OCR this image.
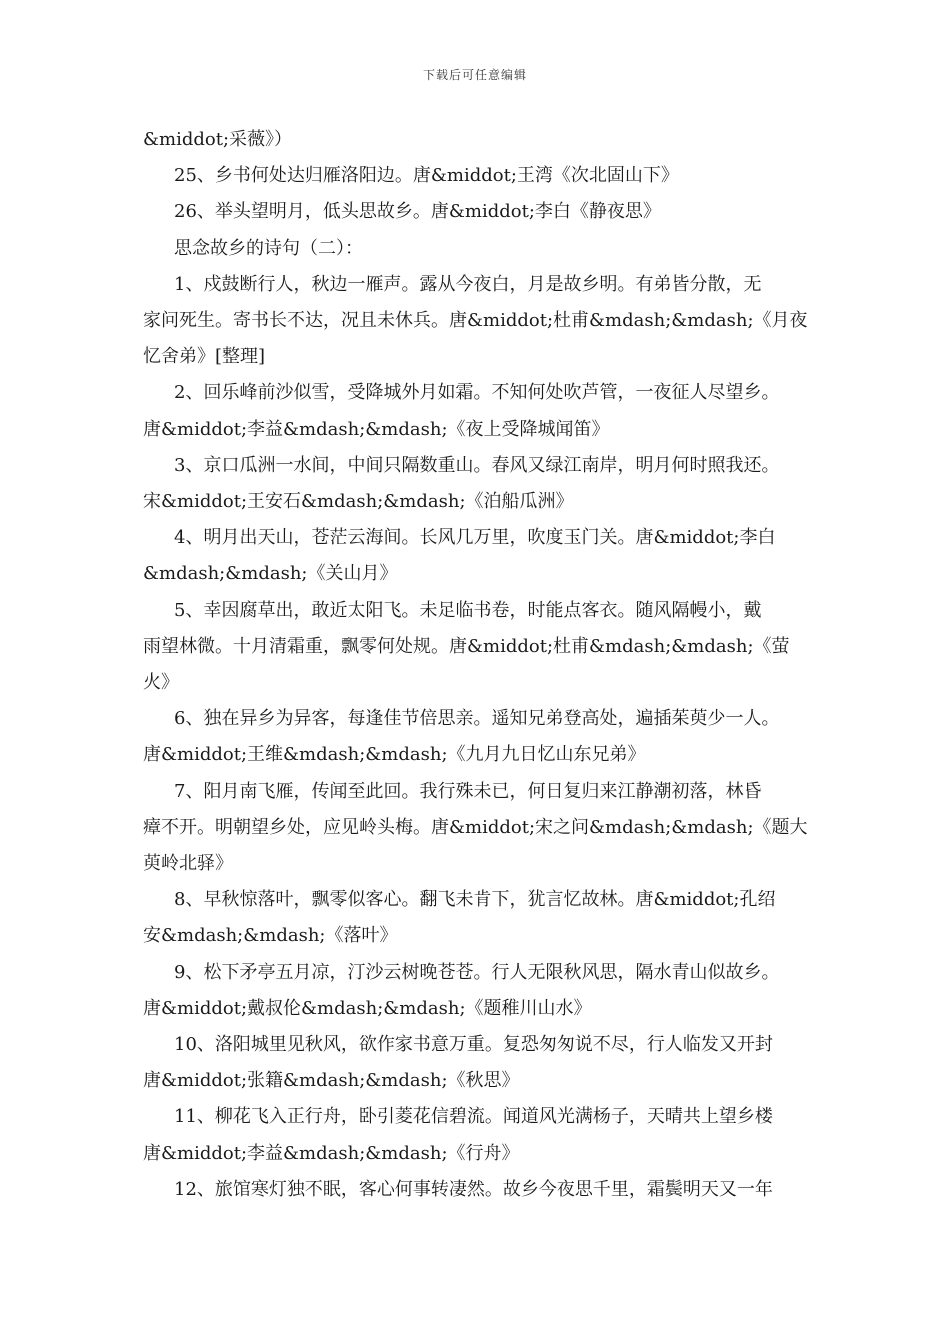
下载后可任意编辑

&middot;采薇》）

25、乡书何处达归雁洛阳边。唐&middot;王湾《次北固山下》

26、举头望明月，低头思故乡。唐&middot;李白《静夜思》

思念故乡的诗句（二）：

1、戍鼓断行人，秋边一雁声。露从今夜白，月是故乡明。有弟皆分散，无

家问死生。寄书长不达，况且未休兵。唐&middot;杜甫&mdash;&mdash;《月夜

忆舍弟》[整理]

2、回乐峰前沙似雪，受降城外月如霜。不知何处吹芦管，一夜征人尽望乡。

唐&middot;李益&mdash;&mdash;《夜上受降城闻笛》

3、京口瓜洲一水间，中间只隔数重山。春风又绿江南岸，明月何时照我还。

宋&middot;王安石&mdash;&mdash;《泊船瓜洲》

4、明月出天山，苍茫云海间。长风几万里，吹度玉门关。唐&middot;李白

&mdash;&mdash;《关山月》

5、幸因腐草出，敢近太阳飞。未足临书卷，时能点客衣。随风隔幔小，戴

雨望林微。十月清霜重，飘零何处规。唐&middot;杜甫&mdash;&mdash;《萤

火》

6、独在异乡为异客，每逢佳节倍思亲。遥知兄弟登高处，遍插茱萸少一人。

唐&middot;王维&mdash;&mdash;《九月九日忆山东兄弟》

7、阳月南飞雁，传闻至此回。我行殊未已，何日复归来江静潮初落，林昏

瘴不开。明朝望乡处，应见岭头梅。唐&middot;宋之问&mdash;&mdash;《题大

萸岭北驿》

8、早秋惊落叶，飘零似客心。翻飞未肯下，犹言忆故林。唐&middot;孔绍

安&mdash;&mdash;《落叶》

9、松下矛亭五月凉，汀沙云树晚苍苍。行人无限秋风思，隔水青山似故乡。

唐&middot;戴叔伦&mdash;&mdash;《题稚川山水》

10、洛阳城里见秋风，欲作家书意万重。复恐匆匆说不尽，行人临发又开封

唐&middot;张籍&mdash;&mdash;《秋思》

11、柳花飞入正行舟，卧引菱花信碧流。闻道风光满杨子，天晴共上望乡楼

唐&middot;李益&mdash;&mdash;《行舟》

12、旅馆寒灯独不眠，客心何事转凄然。故乡今夜思千里，霜鬓明天又一年
